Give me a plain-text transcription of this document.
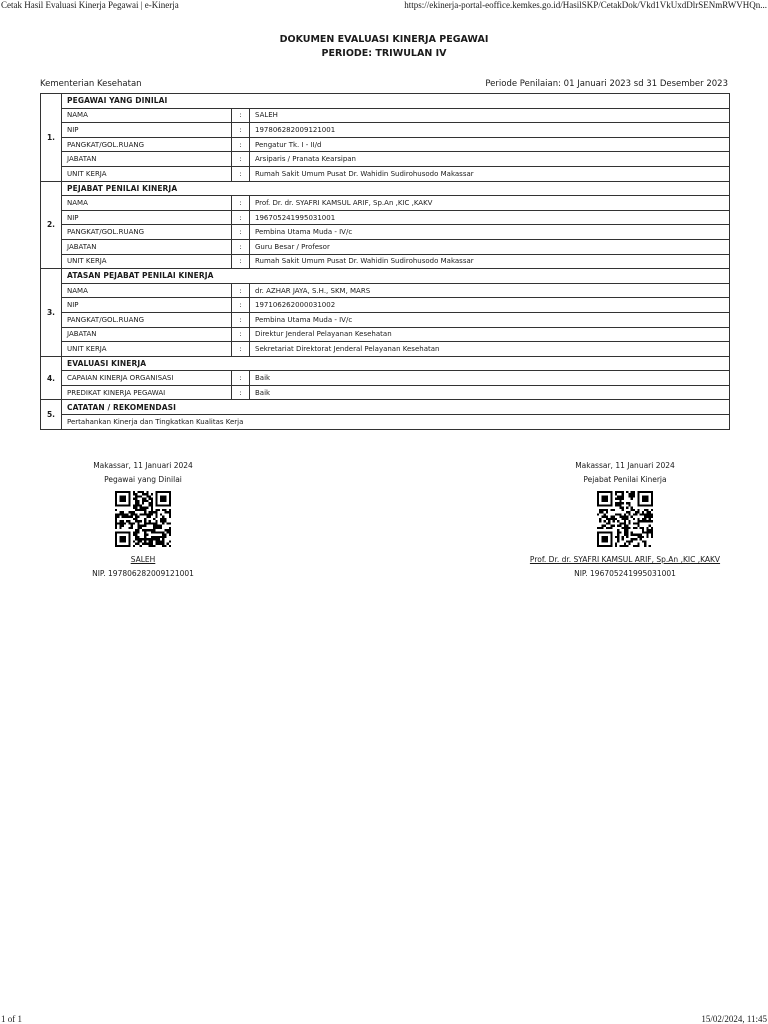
Cetak Hasil Evaluasi Kinerja Pegawai | e-Kinerja	https://ekinerja-portal-eoffice.kemkes.go.id/HasilSKP/CetakDok/Vkd1VkUxdDlrSENmRWVHQn...
DOKUMEN EVALUASI KINERJA PEGAWAI
PERIODE: TRIWULAN IV
Kementerian Kesehatan	Periode Penilaian: 01 Januari 2023 sd 31 Desember 2023
1.	PEGAWAI YANG DINILAI		
	NAMA	:	SALEH
	NIP	:	197806282009121001
	PANGKAT/GOL.RUANG	:	Pengatur Tk. I - II/d
	JABATAN	:	Arsiparis / Pranata Kearsipan
	UNIT KERJA	:	Rumah Sakit Umum Pusat Dr. Wahidin Sudirohusodo Makassar
2.	PEJABAT PENILAI KINERJA		
	NAMA	:	Prof. Dr. dr. SYAFRI KAMSUL ARIF, Sp.An ,KIC ,KAKV
	NIP	:	196705241995031001
	PANGKAT/GOL.RUANG	:	Pembina Utama Muda - IV/c
	JABATAN	:	Guru Besar / Profesor
	UNIT KERJA	:	Rumah Sakit Umum Pusat Dr. Wahidin Sudirohusodo Makassar
3.	ATASAN PEJABAT PENILAI KINERJA		
	NAMA	:	dr. AZHAR JAYA, S.H., SKM, MARS
	NIP	:	197106262000031002
	PANGKAT/GOL.RUANG	:	Pembina Utama Muda - IV/c
	JABATAN	:	Direktur Jenderal Pelayanan Kesehatan
	UNIT KERJA	:	Sekretariat Direktorat Jenderal Pelayanan Kesehatan
4.	EVALUASI KINERJA		
	CAPAIAN KINERJA ORGANISASI	:	Baik
	PREDIKAT KINERJA PEGAWAI	:	Baik
5.	CATATAN / REKOMENDASI		
	Pertahankan Kinerja dan Tingkatkan Kualitas Kerja		
Makassar, 11 Januari 2024
Pegawai yang Dinilai
SALEH
NIP. 197806282009121001
Makassar, 11 Januari 2024
Pejabat Penilai Kinerja
Prof. Dr. dr. SYAFRI KAMSUL ARIF, Sp.An ,KIC ,KAKV
NIP. 196705241995031001
1 of 1	15/02/2024, 11:45
